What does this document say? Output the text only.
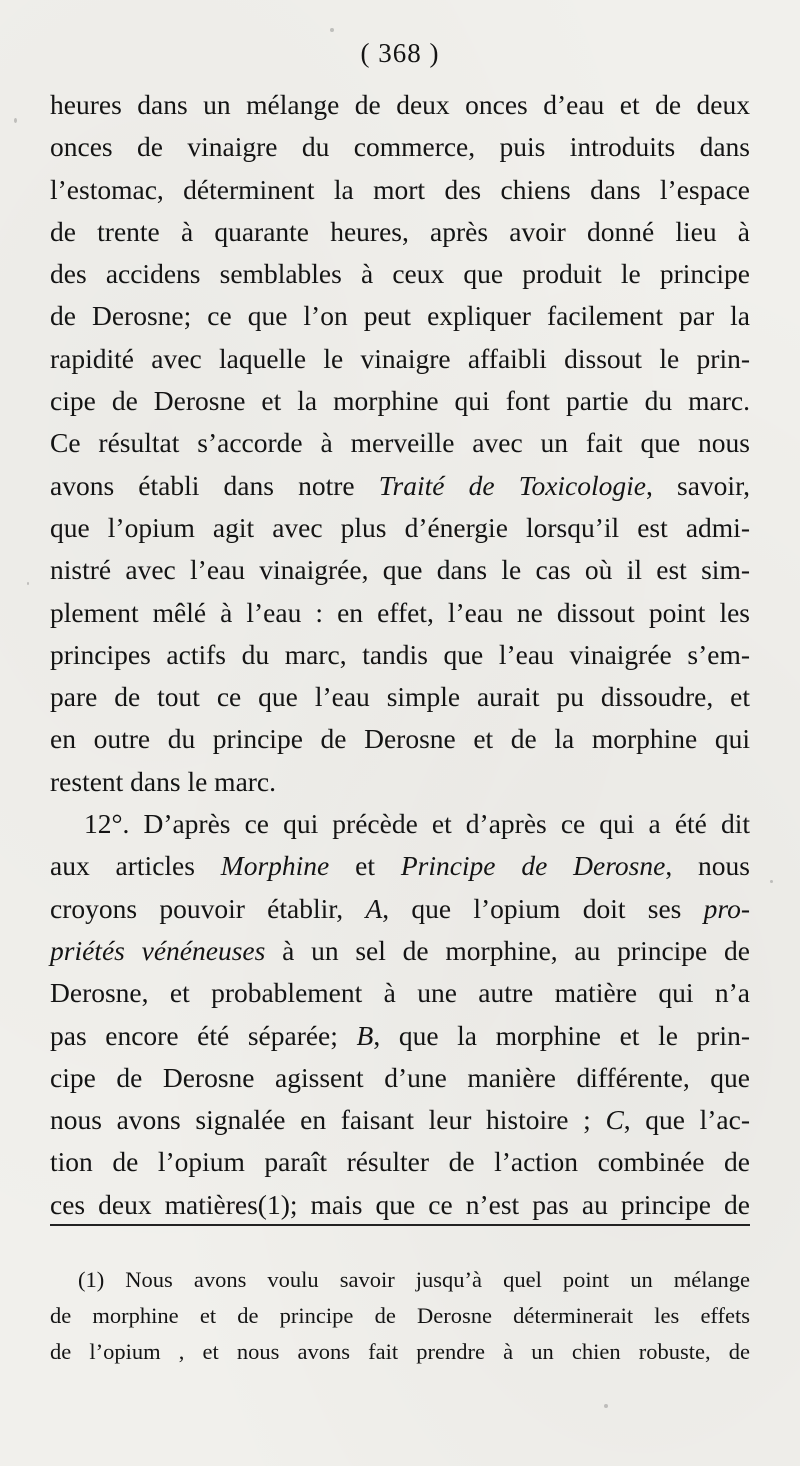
( 368 )
heures dans un mélange de deux onces d’eau et de deux
onces de vinaigre du commerce, puis introduits dans
l’estomac, déterminent la mort des chiens dans l’espace
de trente à quarante heures, après avoir donné lieu à
des accidens semblables à ceux que produit le principe
de Derosne; ce que l’on peut expliquer facilement par la
rapidité avec laquelle le vinaigre affaibli dissout le prin-
cipe de Derosne et la morphine qui font partie du marc.
Ce résultat s’accorde à merveille avec un fait que nous
avons établi dans notre Traité de Toxicologie, savoir,
que l’opium agit avec plus d’énergie lorsqu’il est admi-
nistré avec l’eau vinaigrée, que dans le cas où il est sim-
plement mêlé à l’eau : en effet, l’eau ne dissout point les
principes actifs du marc, tandis que l’eau vinaigrée s’em-
pare de tout ce que l’eau simple aurait pu dissoudre, et
en outre du principe de Derosne et de la morphine qui
restent dans le marc.
12°. D’après ce qui précède et d’après ce qui a été dit
aux articles Morphine et Principe de Derosne, nous
croyons pouvoir établir, A, que l’opium doit ses pro-
priétés vénéneuses à un sel de morphine, au principe de
Derosne, et probablement à une autre matière qui n’a
pas encore été séparée; B, que la morphine et le prin-
cipe de Derosne agissent d’une manière différente, que
nous avons signalée en faisant leur histoire ; C, que l’ac-
tion de l’opium paraît résulter de l’action combinée de
ces deux matières(1); mais que ce n’est pas au principe de
(1) Nous avons voulu savoir jusqu’à quel point un mélange
de morphine et de principe de Derosne déterminerait les effets
de l’opium , et nous avons fait prendre à un chien robuste, de
